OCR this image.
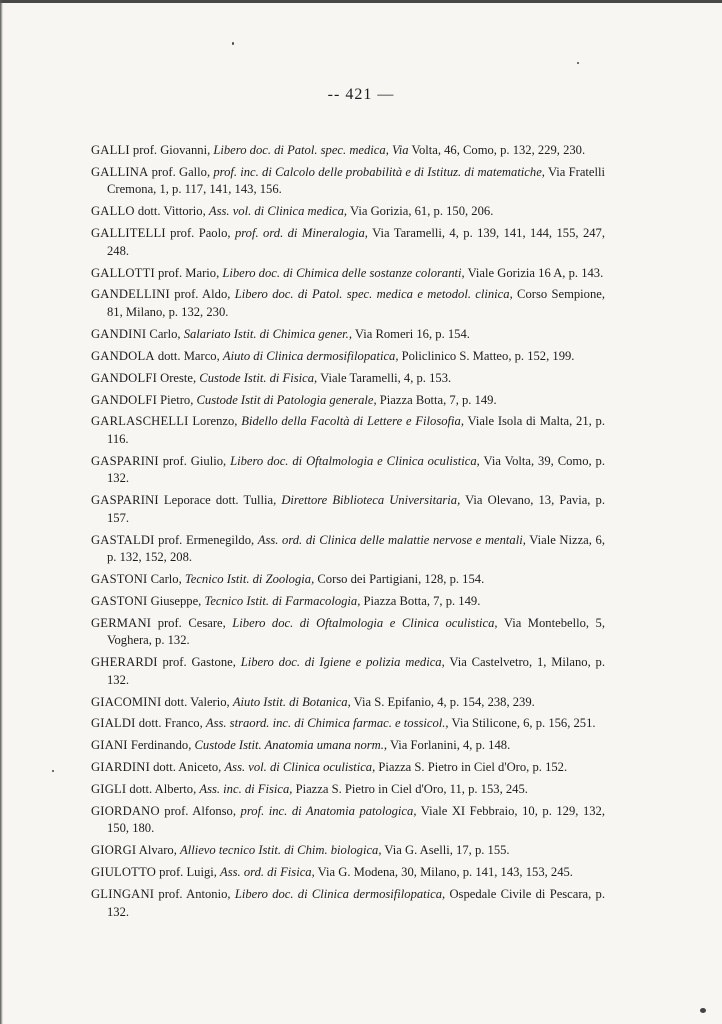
-- 421 —

GALLI prof. Giovanni, Libero doc. di Patol. spec. medica, Via Volta, 46, Como, p. 132, 229, 230.

GALLINA prof. Gallo, prof. inc. di Calcolo delle probabilità e di Istituz. di matematiche, Via Fratelli Cremona, 1, p. 117, 141, 143, 156.

GALLO dott. Vittorio, Ass. vol. di Clinica medica, Via Gorizia, 61, p. 150, 206.

GALLITELLI prof. Paolo, prof. ord. di Mineralogia, Via Taramelli, 4, p. 139, 141, 144, 155, 247, 248.

GALLOTTI prof. Mario, Libero doc. di Chimica delle sostanze coloranti, Viale Gorizia 16 A, p. 143.

GANDELLINI prof. Aldo, Libero doc. di Patol. spec. medica e metodol. clinica, Corso Sempione, 81, Milano, p. 132, 230.

GANDINI Carlo, Salariato Istit. di Chimica gener., Via Romeri 16, p. 154.

GANDOLA dott. Marco, Aiuto di Clinica dermosifilopatica, Policlinico S. Matteo, p. 152, 199.

GANDOLFI Oreste, Custode Istit. di Fisica, Viale Taramelli, 4, p. 153.

GANDOLFI Pietro, Custode Istit di Patologia generale, Piazza Botta, 7, p. 149.

GARLASCHELLI Lorenzo, Bidello della Facoltà di Lettere e Filosofia, Viale Isola di Malta, 21, p. 116.

GASPARINI prof. Giulio, Libero doc. di Oftalmologia e Clinica oculistica, Via Volta, 39, Como, p. 132.

GASPARINI Leporace dott. Tullia, Direttore Biblioteca Universitaria, Via Olevano, 13, Pavia, p. 157.

GASTALDI prof. Ermenegildo, Ass. ord. di Clinica delle malattie nervose e mentali, Viale Nizza, 6, p. 132, 152, 208.

GASTONI Carlo, Tecnico Istit. di Zoologia, Corso dei Partigiani, 128, p. 154.

GASTONI Giuseppe, Tecnico Istit. di Farmacologia, Piazza Botta, 7, p. 149.

GERMANI prof. Cesare, Libero doc. di Oftalmologia e Clinica oculistica, Via Montebello, 5, Voghera, p. 132.

GHERARDI prof. Gastone, Libero doc. di Igiene e polizia medica, Via Castelvetro, 1, Milano, p. 132.

GIACOMINI dott. Valerio, Aiuto Istit. di Botanica, Via S. Epifanio, 4, p. 154, 238, 239.

GIALDI dott. Franco, Ass. straord. inc. di Chimica farmac. e tossicol., Via Stilicone, 6, p. 156, 251.

GIANI Ferdinando, Custode Istit. Anatomia umana norm., Via Forlanini, 4, p. 148.

GIARDINI dott. Aniceto, Ass. vol. di Clinica oculistica, Piazza S. Pietro in Ciel d'Oro, p. 152.

GIGLI dott. Alberto, Ass. inc. di Fisica, Piazza S. Pietro in Ciel d'Oro, 11, p. 153, 245.

GIORDANO prof. Alfonso, prof. inc. di Anatomia patologica, Viale XI Febbraio, 10, p. 129, 132, 150, 180.

GIORGI Alvaro, Allievo tecnico Istit. di Chim. biologica, Via G. Aselli, 17, p. 155.

GIULOTTO prof. Luigi, Ass. ord. di Fisica, Via G. Modena, 30, Milano, p. 141, 143, 153, 245.

GLINGANI prof. Antonio, Libero doc. di Clinica dermosifilopatica, Ospedale Civile di Pescara, p. 132.
